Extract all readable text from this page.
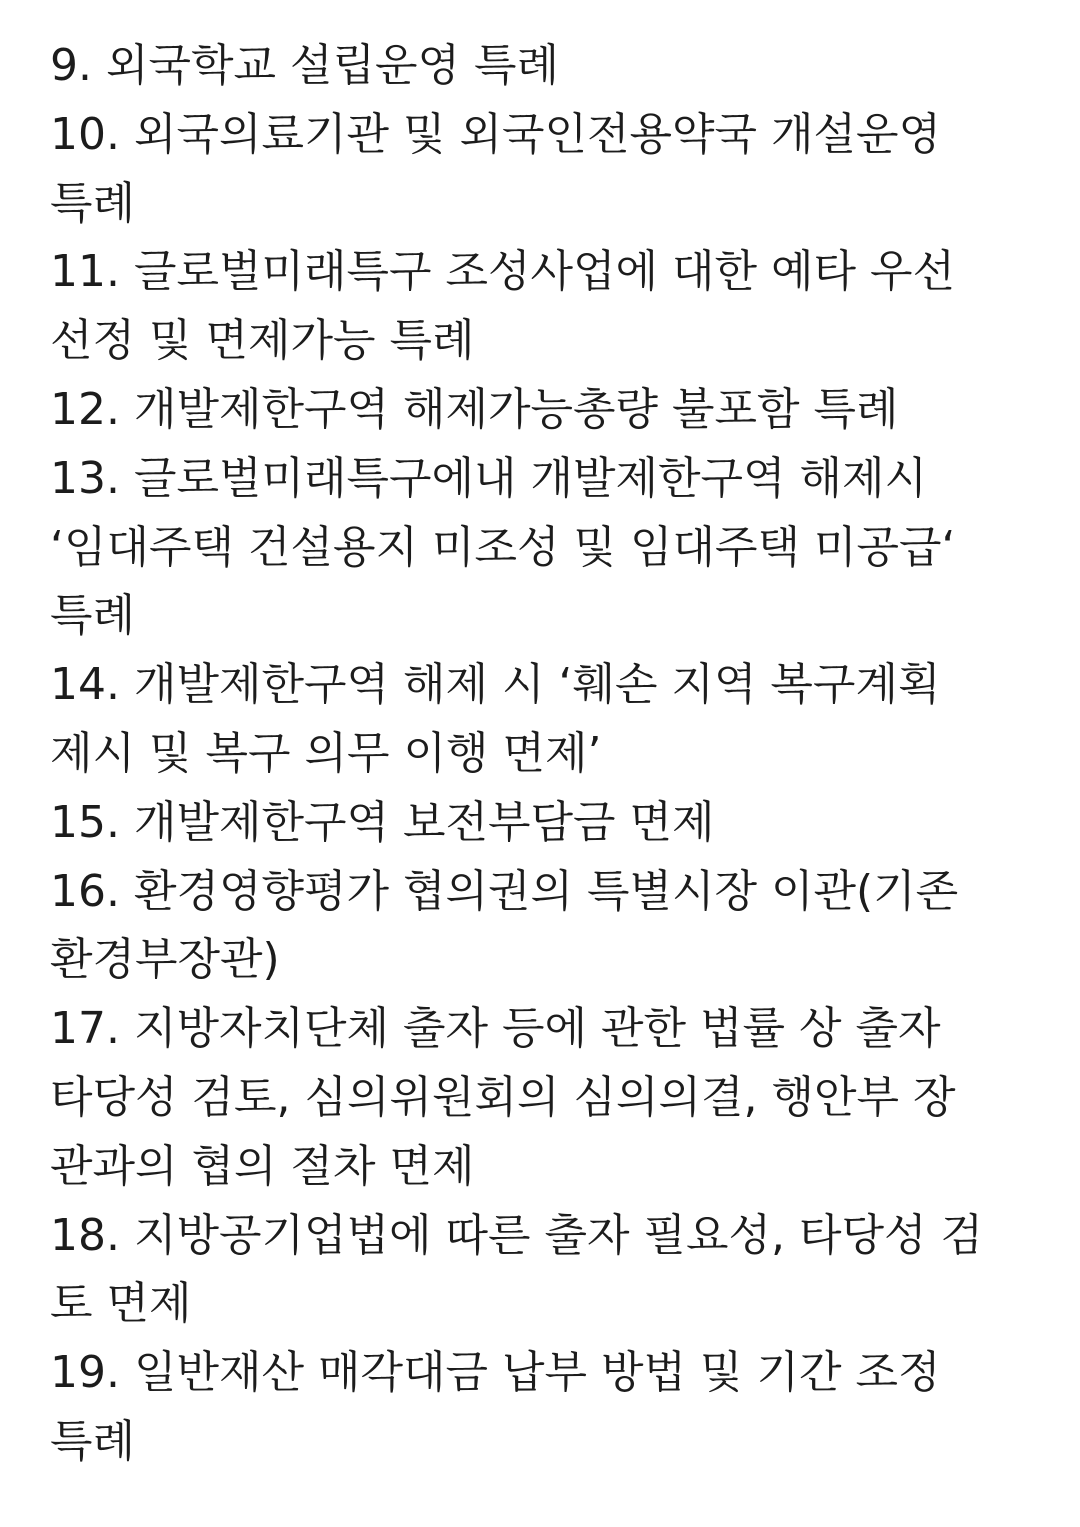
9. 외국학교 설립운영 특례
10. 외국의료기관 및 외국인전용약국 개설운영
특례
11. 글로벌미래특구 조성사업에 대한 예타 우선
선정 및 면제가능 특례
12. 개발제한구역 해제가능총량 불포함 특례
13. 글로벌미래특구에내 개발제한구역 해제시
‘임대주택 건설용지 미조성 및 임대주택 미공급‘
특례
14. 개발제한구역 해제 시 ‘훼손 지역 복구계획
제시 및 복구 의무 이행 면제’
15. 개발제한구역 보전부담금 면제
16. 환경영향평가 협의권의 특별시장 이관(기존
환경부장관)
17. 지방자치단체 출자 등에 관한 법률 상 출자
타당성 검토, 심의위원회의 심의의결, 행안부 장
관과의 협의 절차 면제
18. 지방공기업법에 따른 출자 필요성, 타당성 검
토 면제
19. 일반재산 매각대금 납부 방법 및 기간 조정
특례
